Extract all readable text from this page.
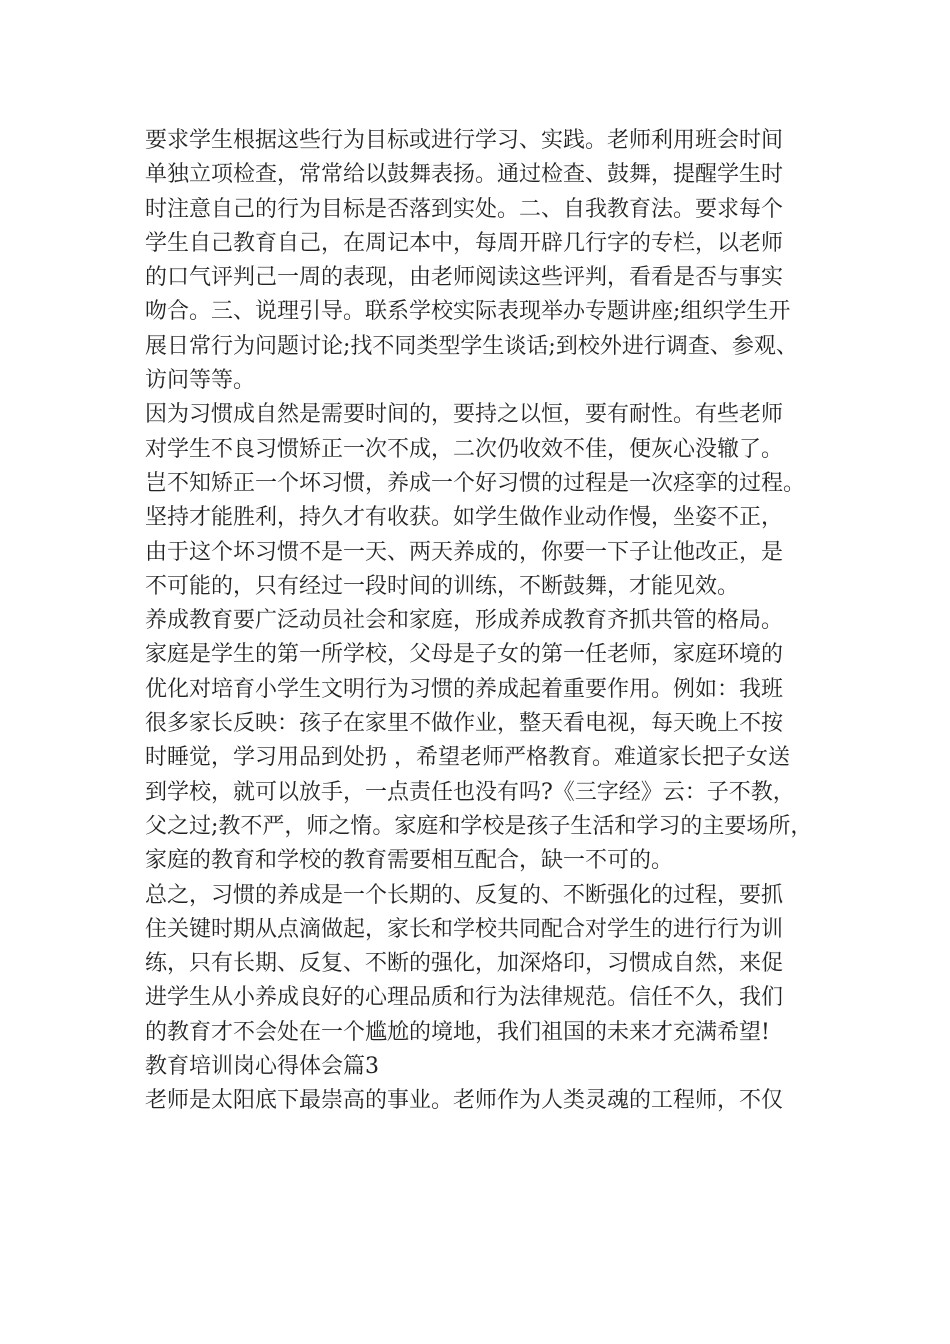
要求学生根据这些行为目标或进行学习、实践。老师利用班会时间
单独立项检查，常常给以鼓舞表扬。通过检查、鼓舞，提醒学生时
时注意自己的行为目标是否落到实处。二、自我教育法。要求每个
学生自己教育自己，在周记本中，每周开辟几行字的专栏，以老师
的口气评判己一周的表现，由老师阅读这些评判，看看是否与事实
吻合。三、说理引导。联系学校实际表现举办专题讲座;组织学生开
展日常行为问题讨论;找不同类型学生谈话;到校外进行调查、参观、
访问等等。
因为习惯成自然是需要时间的，要持之以恒，要有耐性。有些老师
对学生不良习惯矫正一次不成，二次仍收效不佳，便灰心没辙了。
岂不知矫正一个坏习惯，养成一个好习惯的过程是一次痉挛的过程。
坚持才能胜利，持久才有收获。如学生做作业动作慢，坐姿不正，
由于这个坏习惯不是一天、两天养成的，你要一下子让他改正，是
不可能的，只有经过一段时间的训练，不断鼓舞，才能见效。
养成教育要广泛动员社会和家庭，形成养成教育齐抓共管的格局。
家庭是学生的第一所学校，父母是子女的第一任老师，家庭环境的
优化对培育小学生文明行为习惯的养成起着重要作用。例如：我班
很多家长反映：孩子在家里不做作业，整天看电视，每天晚上不按
时睡觉，学习用品到处扔 ，希望老师严格教育。难道家长把子女送
到学校，就可以放手，一点责任也没有吗?《三字经》云：子不教，
父之过;教不严，师之惰。家庭和学校是孩子生活和学习的主要场所，
家庭的教育和学校的教育需要相互配合，缺一不可的。
总之，习惯的养成是一个长期的、反复的、不断强化的过程，要抓
住关键时期从点滴做起，家长和学校共同配合对学生的进行行为训
练，只有长期、反复、不断的强化，加深烙印，习惯成自然，来促
进学生从小养成良好的心理品质和行为法律规范。信任不久，我们
的教育才不会处在一个尴尬的境地，我们祖国的未来才充满希望!
教育培训岗心得体会篇3
老师是太阳底下最崇高的事业。老师作为人类灵魂的工程师，不仅
